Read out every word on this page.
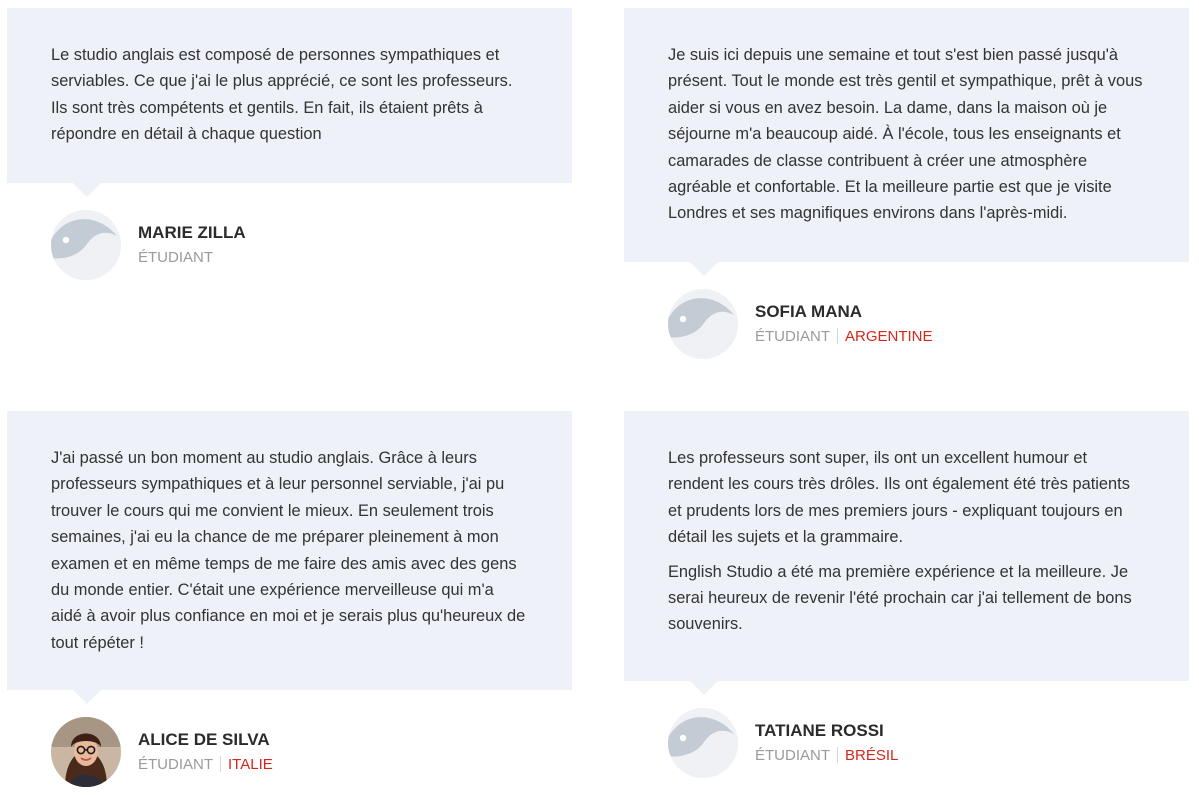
Le studio anglais est composé de personnes sympathiques et serviables. Ce que j'ai le plus apprécié, ce sont les professeurs. Ils sont très compétents et gentils. En fait, ils étaient prêts à répondre en détail à chaque question

MARIE ZILLA
ÉTUDIANT

Je suis ici depuis une semaine et tout s'est bien passé jusqu'à présent. Tout le monde est très gentil et sympathique, prêt à vous aider si vous en avez besoin. La dame, dans la maison où je séjourne m'a beaucoup aidé. À l'école, tous les enseignants et camarades de classe contribuent à créer une atmosphère agréable et confortable. Et la meilleure partie est que je visite Londres et ses magnifiques environs dans l'après-midi.

SOFIA MANA
ÉTUDIANT ARGENTINE

J'ai passé un bon moment au studio anglais. Grâce à leurs professeurs sympathiques et à leur personnel serviable, j'ai pu trouver le cours qui me convient le mieux. En seulement trois semaines, j'ai eu la chance de me préparer pleinement à mon examen et en même temps de me faire des amis avec des gens du monde entier. C'était une expérience merveilleuse qui m'a aidé à avoir plus confiance en moi et je serais plus qu'heureux de tout répéter !

ALICE DE SILVA
ÉTUDIANT ITALIE

Les professeurs sont super, ils ont un excellent humour et rendent les cours très drôles. Ils ont également été très patients et prudents lors de mes premiers jours - expliquant toujours en détail les sujets et la grammaire.

English Studio a été ma première expérience et la meilleure. Je serai heureux de revenir l'été prochain car j'ai tellement de bons souvenirs.

TATIANE ROSSI
ÉTUDIANT BRÉSIL
